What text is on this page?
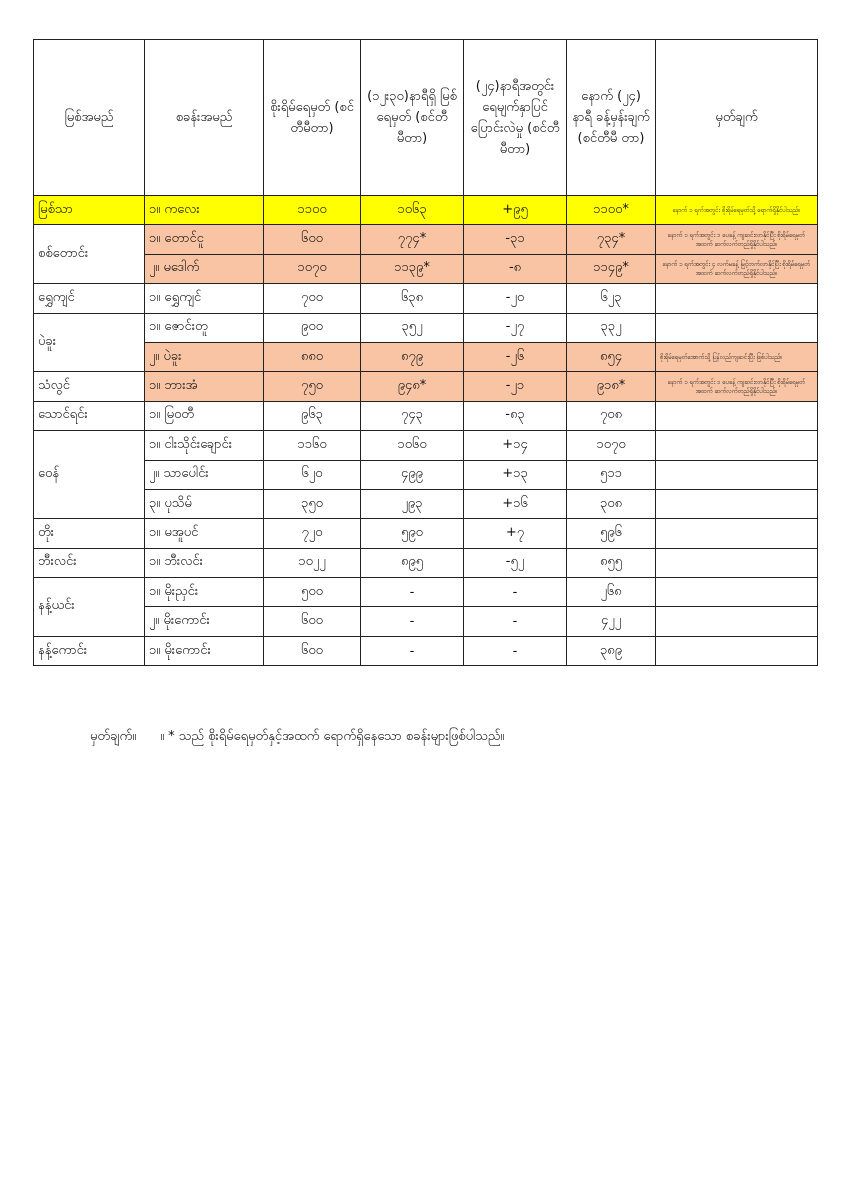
မြစ်အမည်	စခန်းအမည်	စိုးရိမ်ရေမှတ် (စင်တီမီတာ)	(၁၂း၃၀)နာရီရှိ မြစ်ရေမှတ် (စင်တီမီတာ)	(၂၄)နာရီအတွင်း ရေမျက်နှာပြင် ပြောင်းလဲမှု (စင်တီမီတာ)	နောက် (၂၄) နာရီ ခန့်မှန်းချက် (စင်တီမီ တာ)	မှတ်ချက်
မြစ်သာ	၁။ ကလေး	၁၁၀၀	၁၀၆၃	+၉၅	၁၁၀၀*	နောက် ၁ ရက်အတွင်း စိုးရိမ်ရေမှတ်သို့ ရောက်ရှိနိုင်ပါသည်။
စစ်တောင်း	၁။ တောင်ငူ	၆၀၀	၇၇၄*	-၃၁	၇၃၄*	နောက် ၁ ရက်အတွင်း ၁ ပေခန့် ကျဆင်းလာနိုင်ပြီး စိုးရိမ်ရေမှတ်အထက် ဆက်လက်တည်ရှိနိုင်ပါသည်။
	၂။ မဒေါက်	၁၀၇၀	၁၁၃၉*	-၈	၁၁၄၉*	နောက် ၁ ရက်အတွင်း ၄ လက်မခန့် မြင့်တက်လာနိုင်ပြီး စိုးရိမ်ရေမှတ်အထက် ဆက်လက်တည်ရှိနိုင်ပါသည်။
ရွှေကျင်	၁။ ရွှေကျင်	၇၀၀	၆၃၈	-၂၀	၆၂၃	
ပဲခူး	၁။ ဇောင်းတူ	၉၀၀	၃၅၂	-၂၇	၃၃၂	
	၂။ ပဲခူး	၈၈၀	၈၇၉	-၂၆	၈၅၄	စိုးရိမ်ရေမှတ်အောက်သို့ ပြန်လည်ကျဆင်းပြီး ဖြစ်ပါသည်။
သံလွင်	၁။ ဘားအံ	၇၅၀	၉၄၈*	-၂၁	၉၁၈*	နောက် ၁ ရက်အတွင်း ၁ ပေခန့် ကျဆင်းလာနိုင်ပြီး စိုးရိမ်ရေမှတ်အထက် ဆက်လက်တည်ရှိနိုင်ပါသည်။
သောင်ရင်း	၁။ မြဝတီ	၉၆၃	၇၄၃	-၈၃	၇၀၈	
ဝေန်	၁။ ငါးသိုင်းချောင်း	၁၁၆၀	၁၀၆၀	+၁၄	၁၀၇၀	
	၂။ သာပေါင်း	၆၂၀	၄၉၉	+၁၃	၅၁၁	
	၃။ ပုသိမ်	၃၅၀	၂၉၃	+၁၆	၃၀၈	
တိုး	၁။ မအူပင်	၇၂၀	၅၉၀	+၇	၅၉၆	
ဘီးလင်း	၁။ ဘီးလင်း	၁၀၂၂	၈၉၅	-၅၂	၈၅၅	
နန့်ယင်း	၁။ မိုးညှင်း	၅၀၀	-	-	၂၆၈	
	၂။ မိုးကောင်း	၆၀၀	-	-	၄၂၂	
နန့်ကောင်း	၁။ မိုးကောင်း	၆၀၀	-	-	၃၈၉	
မှတ်ချက်။ ။ * သည် စိုးရိမ်ရေမှတ်နှင့်အထက် ရောက်ရှိနေသော စခန်းများဖြစ်ပါသည်။
